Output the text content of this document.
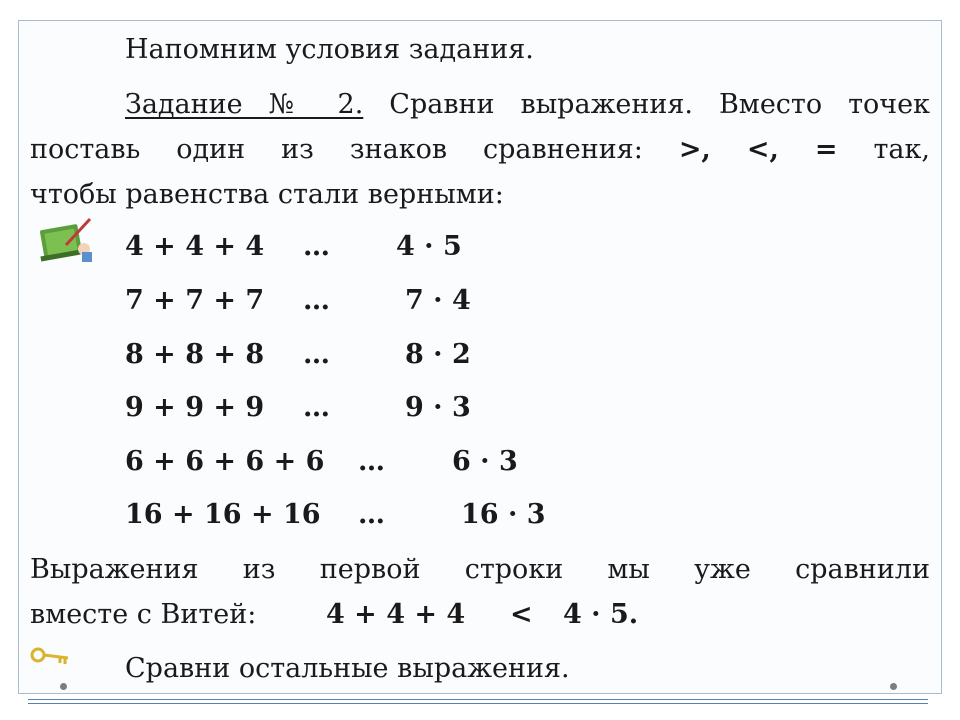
Напомним условия задания.
Задание № 2. Сравни выражения. Вместо точек
поставь один из знаков сравнения: >, <, = так,
чтобы равенства стали верными:
4 + 4 + 4 … 4 · 5
7 + 7 + 7 …	7 · 4
8 + 8 + 8 …	8 · 2
9 + 9 + 9 …	9 · 3
6 + 6 + 6 + 6 … 6 · 3
16 + 16 + 16 …	16 · 3
Выражения из первой строки мы уже сравнили
вместе с Витей:	4 + 4 + 4 < 4 · 5.
Сравни остальные выражения.
